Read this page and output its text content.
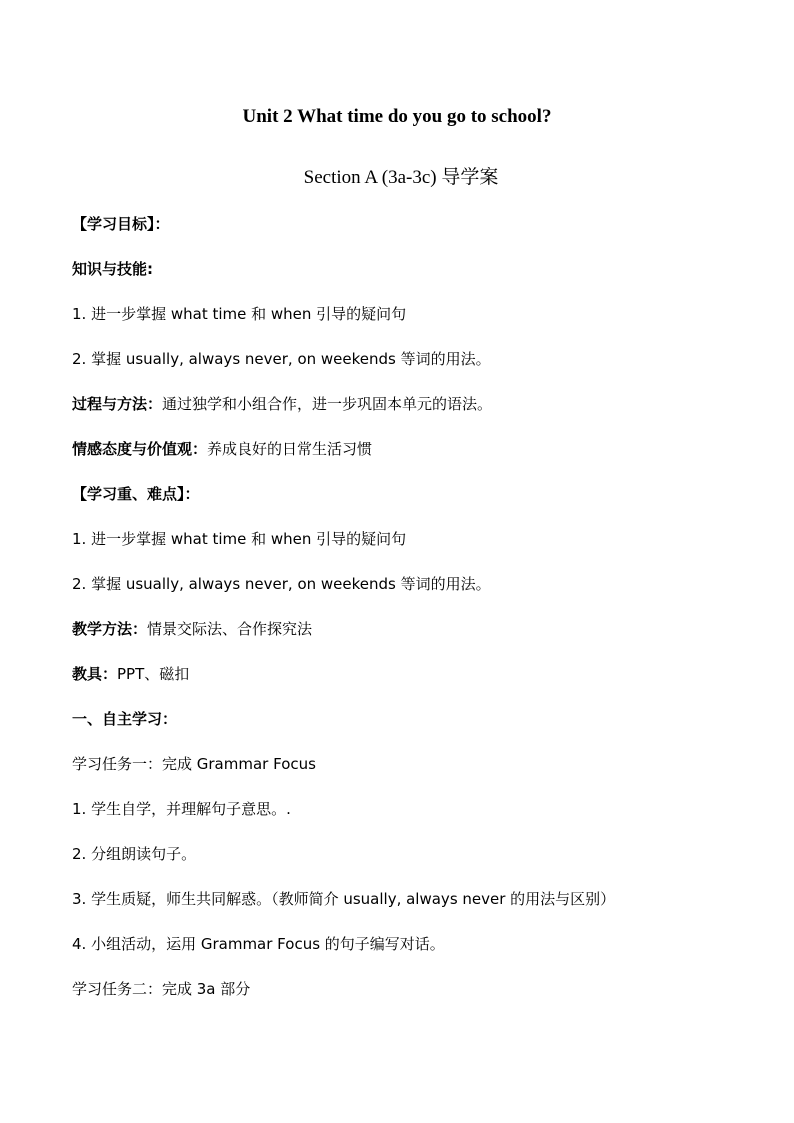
Unit 2 What time do you go to school?
Section A (3a-3c) 导学案
【学习目标】：
知识与技能:
1. 进一步掌握 what time 和 when 引导的疑问句
2. 掌握 usually, always never, on weekends 等词的用法。
过程与方法：通过独学和小组合作，进一步巩固本单元的语法。
情感态度与价值观：养成良好的日常生活习惯
【学习重、难点】：
1. 进一步掌握 what time 和 when 引导的疑问句
2. 掌握 usually, always never, on weekends 等词的用法。
教学方法：情景交际法、合作探究法
教具：PPT、磁扣
一、自主学习：
学习任务一：完成 Grammar Focus
1. 学生自学，并理解句子意思。.
2. 分组朗读句子。
3. 学生质疑，师生共同解惑。（教师简介 usually, always never 的用法与区别）
4. 小组活动，运用 Grammar Focus 的句子编写对话。
学习任务二：完成 3a 部分
